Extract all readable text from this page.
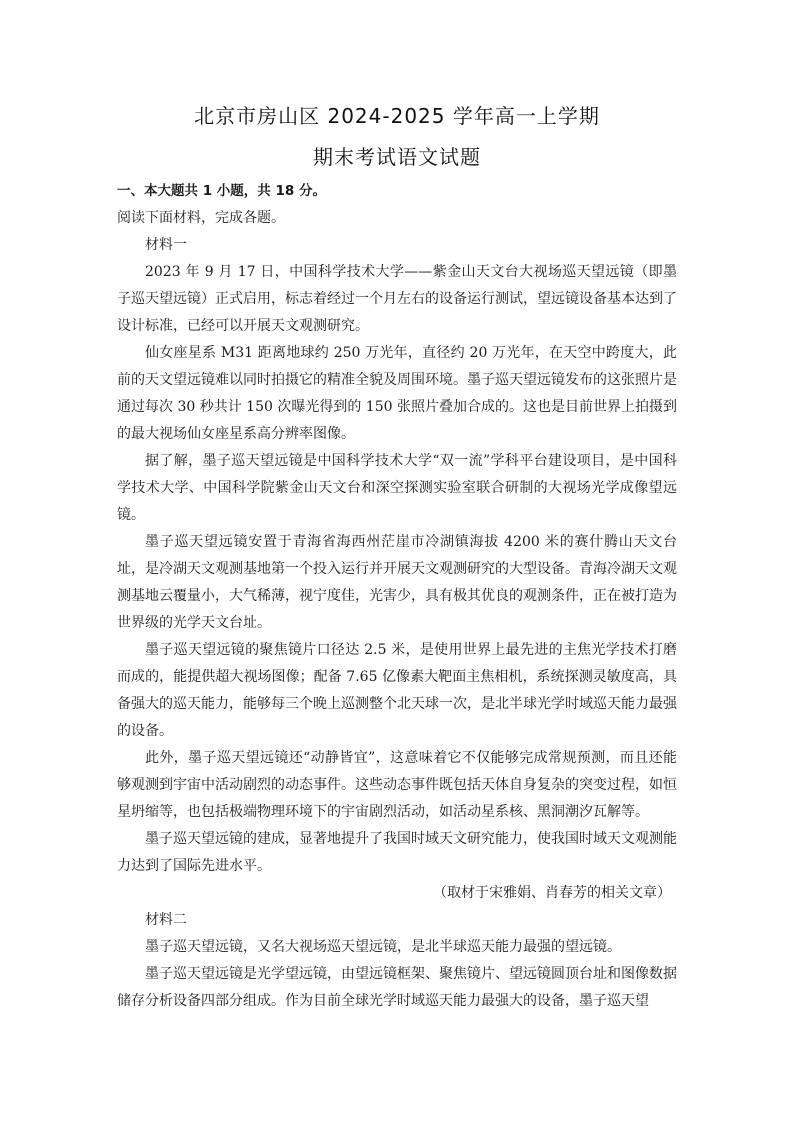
北京市房山区 2024-2025 学年高一上学期
期末考试语文试题

一、本大题共 1 小题，共 18 分。

阅读下面材料，完成各题。

材料一

2023 年 9 月 17 日，中国科学技术大学——紫金山天文台大视场巡天望远镜（即墨子巡天望远镜）正式启用，标志着经过一个月左右的设备运行测试，望远镜设备基本达到了设计标准，已经可以开展天文观测研究。

仙女座星系 M31 距离地球约 250 万光年，直径约 20 万光年，在天空中跨度大，此前的天文望远镜难以同时拍摄它的精准全貌及周围环境。墨子巡天望远镜发布的这张照片是通过每次 30 秒共计 150 次曝光得到的 150 张照片叠加合成的。这也是目前世界上拍摄到的最大视场仙女座星系高分辨率图像。

据了解，墨子巡天望远镜是中国科学技术大学“双一流”学科平台建设项目，是中国科学技术大学、中国科学院紫金山天文台和深空探测实验室联合研制的大视场光学成像望远镜。

墨子巡天望远镜安置于青海省海西州茫崖市冷湖镇海拔 4200 米的赛什腾山天文台址，是冷湖天文观测基地第一个投入运行并开展天文观测研究的大型设备。青海冷湖天文观测基地云覆量小，大气稀薄，视宁度佳，光害少，具有极其优良的观测条件，正在被打造为世界级的光学天文台址。

墨子巡天望远镜的聚焦镜片口径达 2.5 米，是使用世界上最先进的主焦光学技术打磨而成的，能提供超大视场图像；配备 7.65 亿像素大靶面主焦相机，系统探测灵敏度高，具备强大的巡天能力，能够每三个晚上巡测整个北天球一次，是北半球光学时域巡天能力最强的设备。

此外，墨子巡天望远镜还“动静皆宜”，这意味着它不仅能够完成常规预测，而且还能够观测到宇宙中活动剧烈的动态事件。这些动态事件既包括天体自身复杂的突变过程，如恒星坍缩等，也包括极端物理环境下的宇宙剧烈活动，如活动星系核、黑洞潮汐瓦解等。

墨子巡天望远镜的建成，显著地提升了我国时域天文研究能力，使我国时域天文观测能力达到了国际先进水平。

（取材于宋雅娟、肖春芳的相关文章）

材料二

墨子巡天望远镜，又名大视场巡天望远镜，是北半球巡天能力最强的望远镜。

墨子巡天望远镜是光学望远镜，由望远镜框架、聚焦镜片、望远镜圆顶台址和图像数据储存分析设备四部分组成。作为目前全球光学时域巡天能力最强大的设备，墨子巡天望
